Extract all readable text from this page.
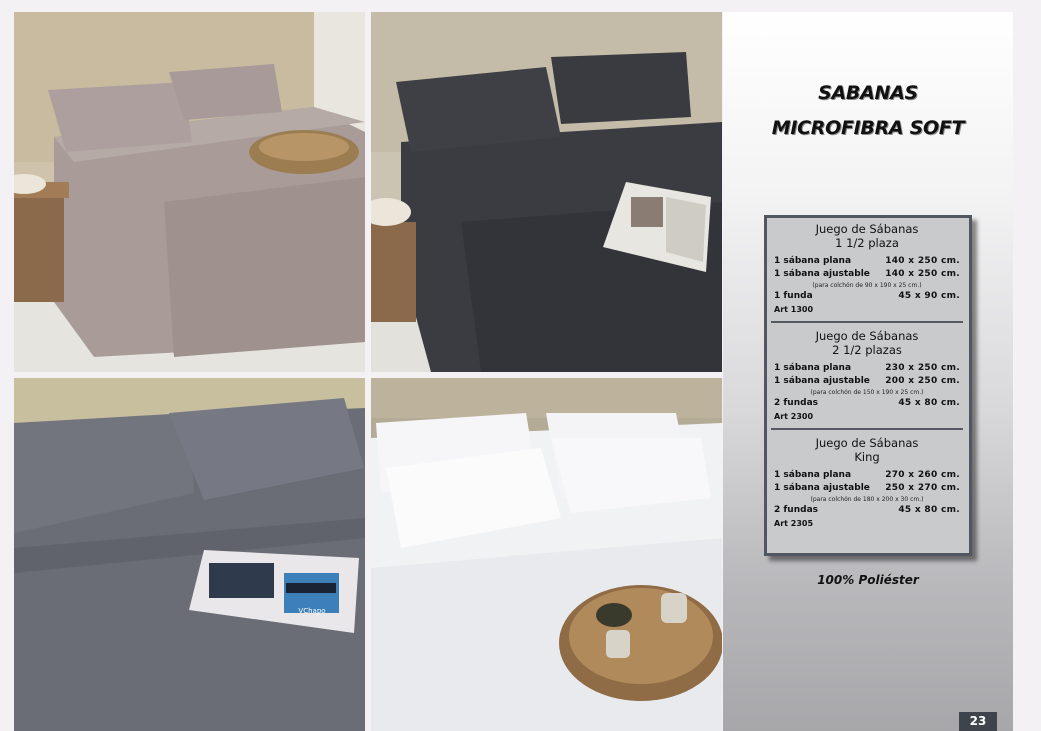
VChapo
SABANAS
MICROFIBRA SOFT
Juego de Sábanas
1 1/2 plaza
1 sábana plana	140 x 250 cm.
1 sábana ajustable 140 x 250 cm.
(para colchón de 90 x 190 x 25 cm.)
1 funda	45 x 90 cm.
Art 1300
Juego de Sábanas
2 1/2 plazas
1 sábana plana	230 x 250 cm.
1 sábana ajustable 200 x 250 cm.
(para colchón de 150 x 190 x 25 cm.)
2 fundas	45 x 80 cm.
Art 2300
Juego de Sábanas
King
1 sábana plana	270 x 260 cm.
1 sábana ajustable 250 x 270 cm.
(para colchón de 180 x 200 x 30 cm.)
2 fundas	45 x 80 cm.
Art 2305
100% Poliéster
23
